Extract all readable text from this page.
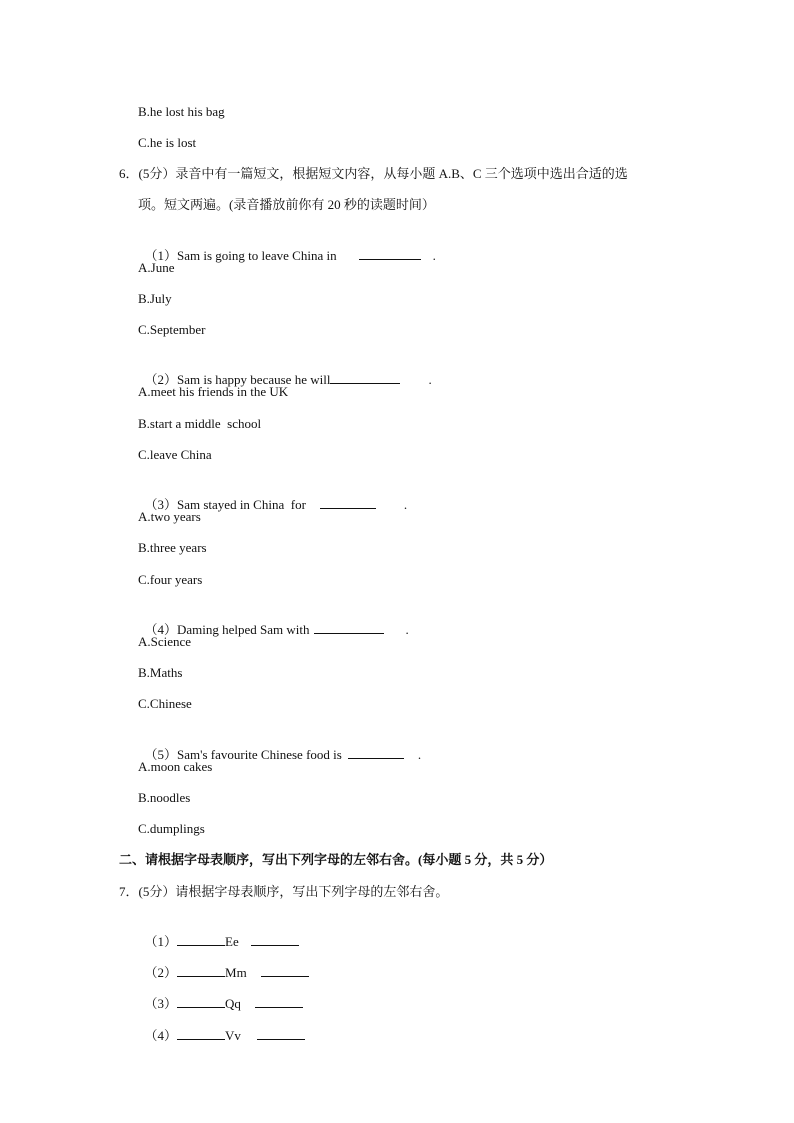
B.he lost his bag
C.he is lost
6．(5分）录音中有一篇短文，根据短文内容，从每小题 A.B、C 三个选项中选出合适的选
项。短文两遍。(录音播放前你有 20 秒的读题时间）

（1）Sam is going to leave China in	.

A.June
B.July
C.September

（2）Sam is happy because he will	.

A.meet his friends in the UK
B.start a middle  school
C.leave China

（3）Sam stayed in China  for	.

A.two years
B.three years
C.four years

（4）Daming helped Sam with	.

A.Science
B.Maths
C.Chinese

（5）Sam's favourite Chinese food is	.

A.moon cakes
B.noodles
C.dumplings
二、请根据字母表顺序，写出下列字母的左邻右舍。(每小题 5 分，共 5 分）
7．(5分）请根据字母表顺序，写出下列字母的左邻右舍。

（1）	Ee

（2）	Mm

（3）	Qq

（4）	Vv
